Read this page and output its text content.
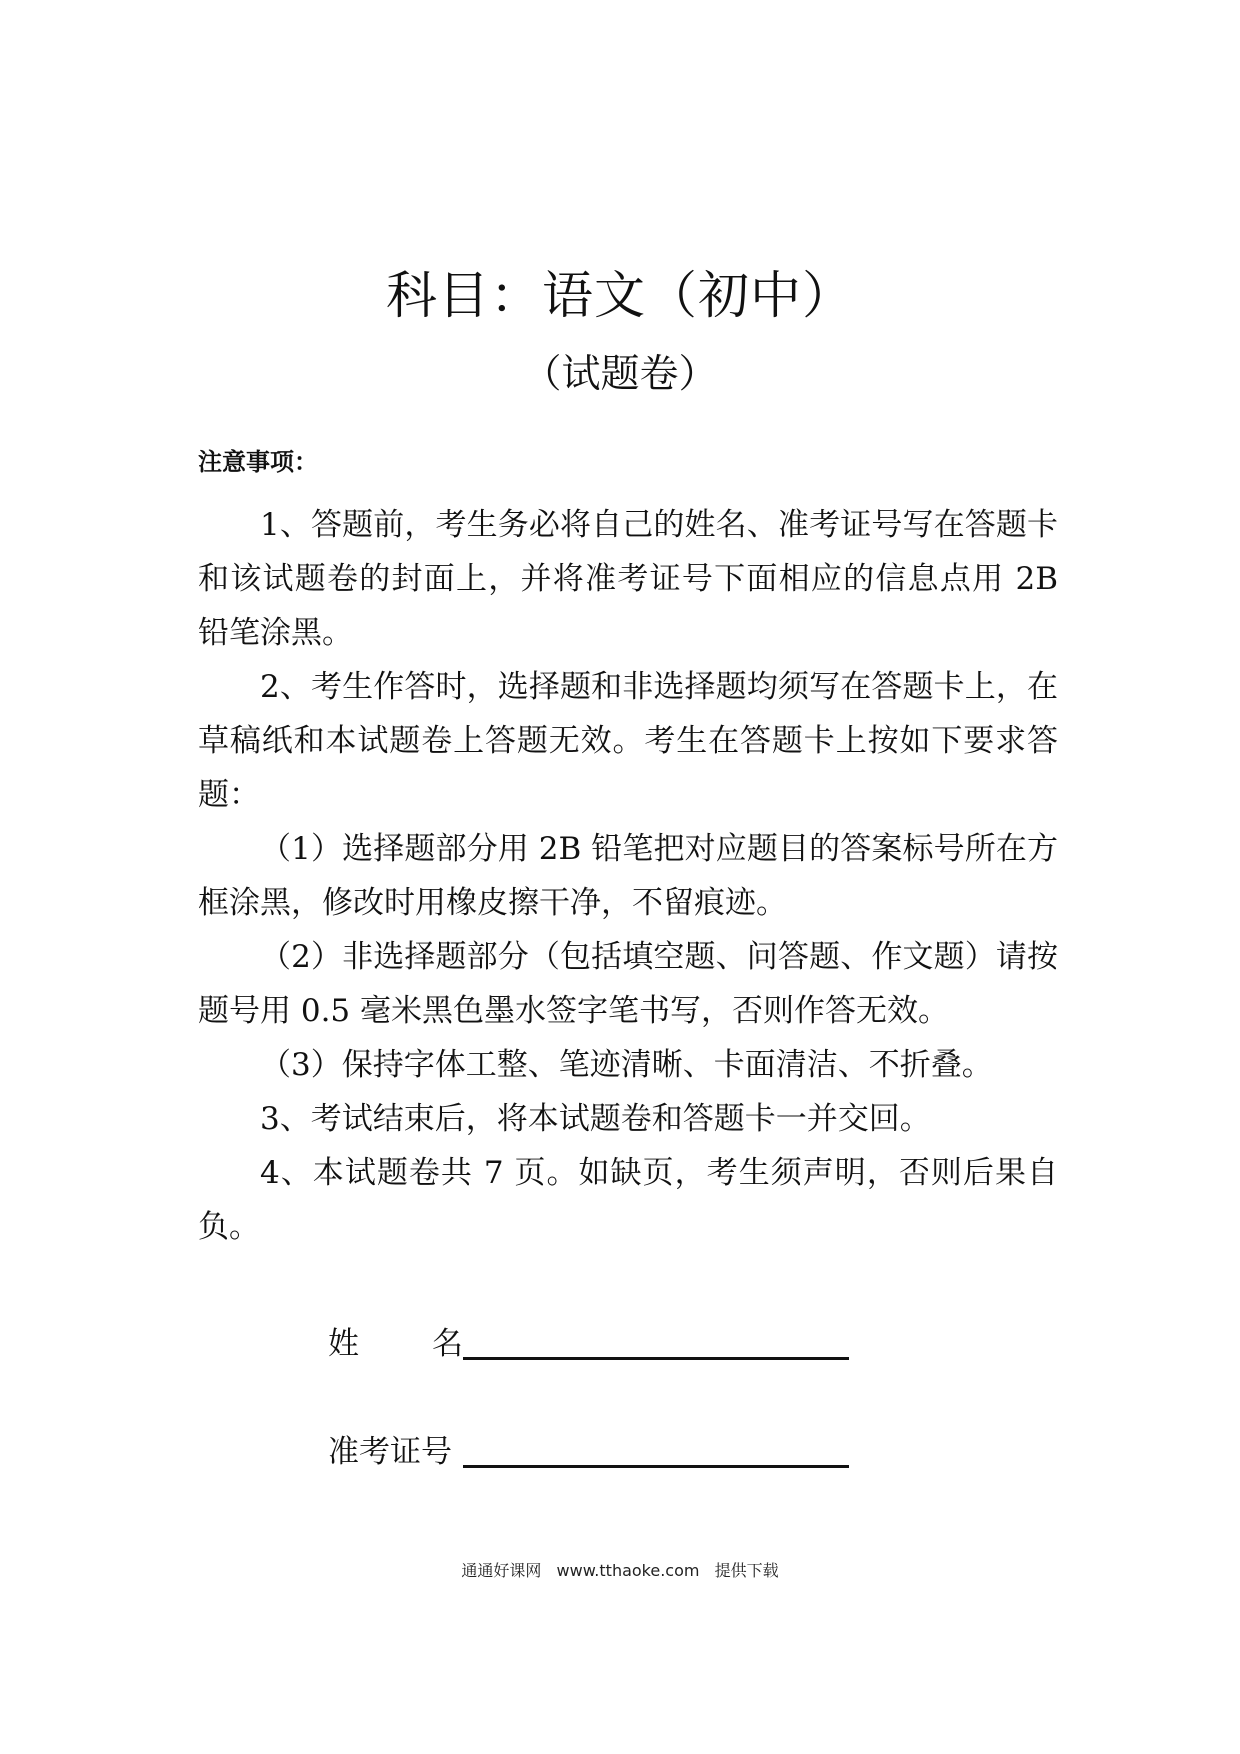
科目：语文（初中）
（试题卷）
注意事项：

1、答题前，考生务必将自己的姓名、准考证号写在答题卡和该试题卷的封面上，并将准考证号下面相应的信息点用 2B 铅笔涂黑。

2、考生作答时，选择题和非选择题均须写在答题卡上，在草稿纸和本试题卷上答题无效。考生在答题卡上按如下要求答题：

（1）选择题部分用 2B 铅笔把对应题目的答案标号所在方框涂黑，修改时用橡皮擦干净，不留痕迹。

（2）非选择题部分（包括填空题、问答题、作文题）请按题号用 0.5 毫米黑色墨水签字笔书写，否则作答无效。

（3）保持字体工整、笔迹清晰、卡面清洁、不折叠。

3、考试结束后，将本试题卷和答题卡一并交回。

4、本试题卷共 7 页。如缺页，考生须声明，否则后果自负。

姓 名
准考证号
通通好课网 www.tthaoke.com 提供下载
